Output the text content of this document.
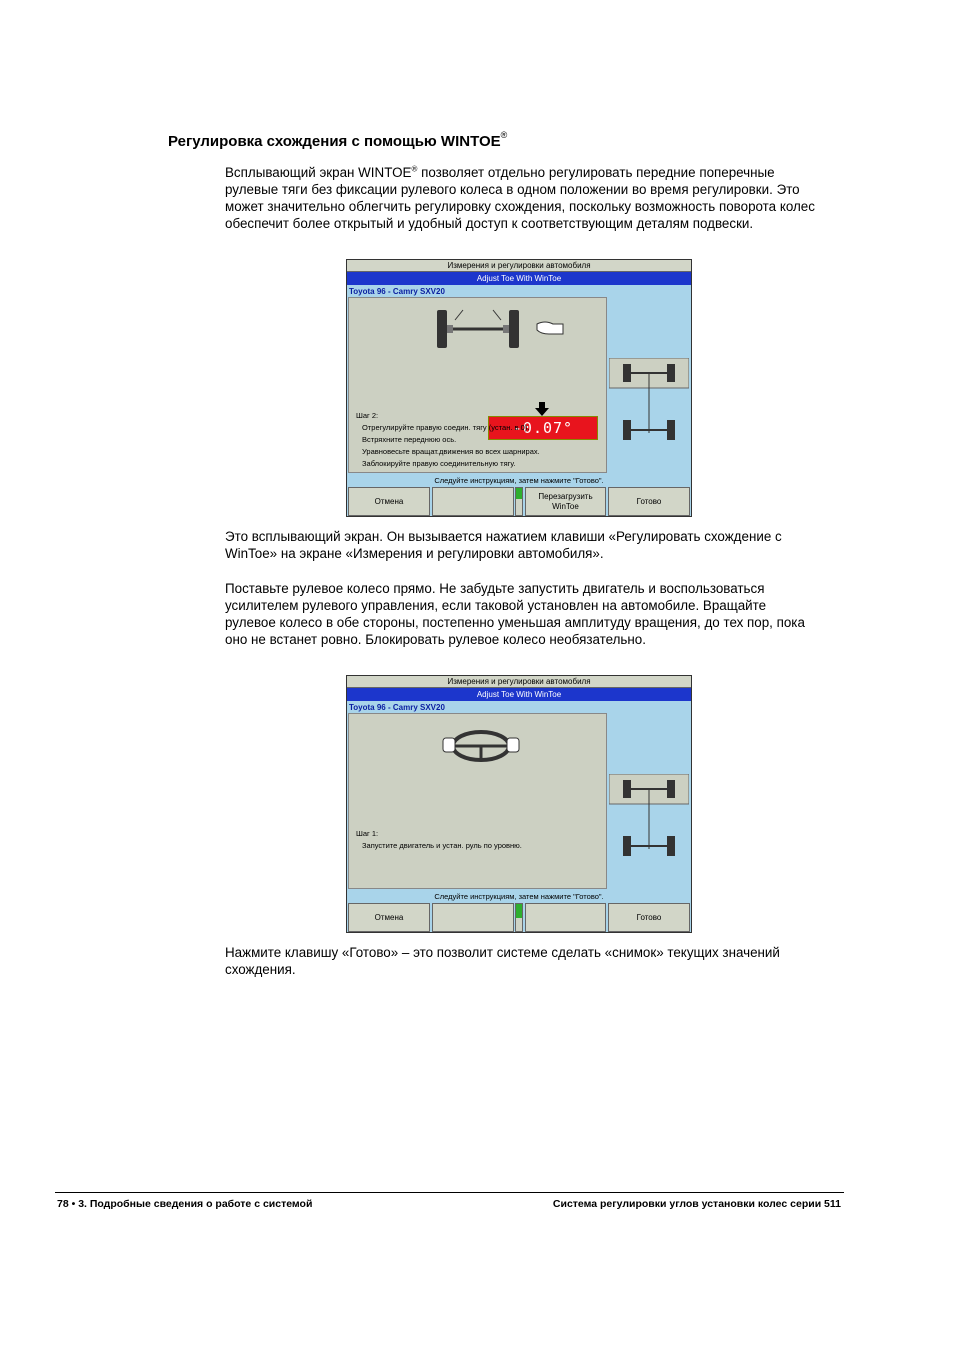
Регулировка схождения с помощью WINTOE®
Всплывающий экран WINTOE® позволяет отдельно регулировать передние поперечные рулевые тяги без фиксации рулевого колеса в одном положении во время регулировки. Это может значительно облегчить регулировку схождения, поскольку возможность поворота колес обеспечит более открытый и удобный доступ к соответствующим деталям подвески.
Измерения и регулировки автомобиля
Adjust Toe With WinToe
Toyota 96 - Camry SXV20
-0.07°
Шаг 2:
Отрегулируйте правую соедин. тягу (устан. в 0).
Встряхните переднюю ось.
Уравновесьте вращат.движения во всех шарнирах.
Заблокируйте правую соединительную тягу.
Следуйте инструкциям, затем нажмите "Готово".
Отмена
Перезагрузить
WinToe
Готово
Это всплывающий экран. Он вызывается нажатием клавиши «Регулировать схождение с WinToe» на экране «Измерения и регулировки автомобиля».
Поставьте рулевое колесо прямо. Не забудьте запустить двигатель и воспользоваться усилителем рулевого управления, если таковой установлен на автомобиле. Вращайте рулевое колесо в обе стороны, постепенно уменьшая амплитуду вращения, до тех пор, пока оно не встанет ровно. Блокировать рулевое колесо необязательно.
Измерения и регулировки автомобиля
Adjust Toe With WinToe
Toyota 96 - Camry SXV20
Шаг 1:
Запустите двигатель и устан. руль по уровню.
Следуйте инструкциям, затем нажмите "Готово".
Отмена	Готово
Нажмите клавишу «Готово» – это позволит системе сделать «снимок» текущих значений схождения.
78 • 3. Подробные сведения о работе с системой	Система регулировки углов установки колес серии 511
